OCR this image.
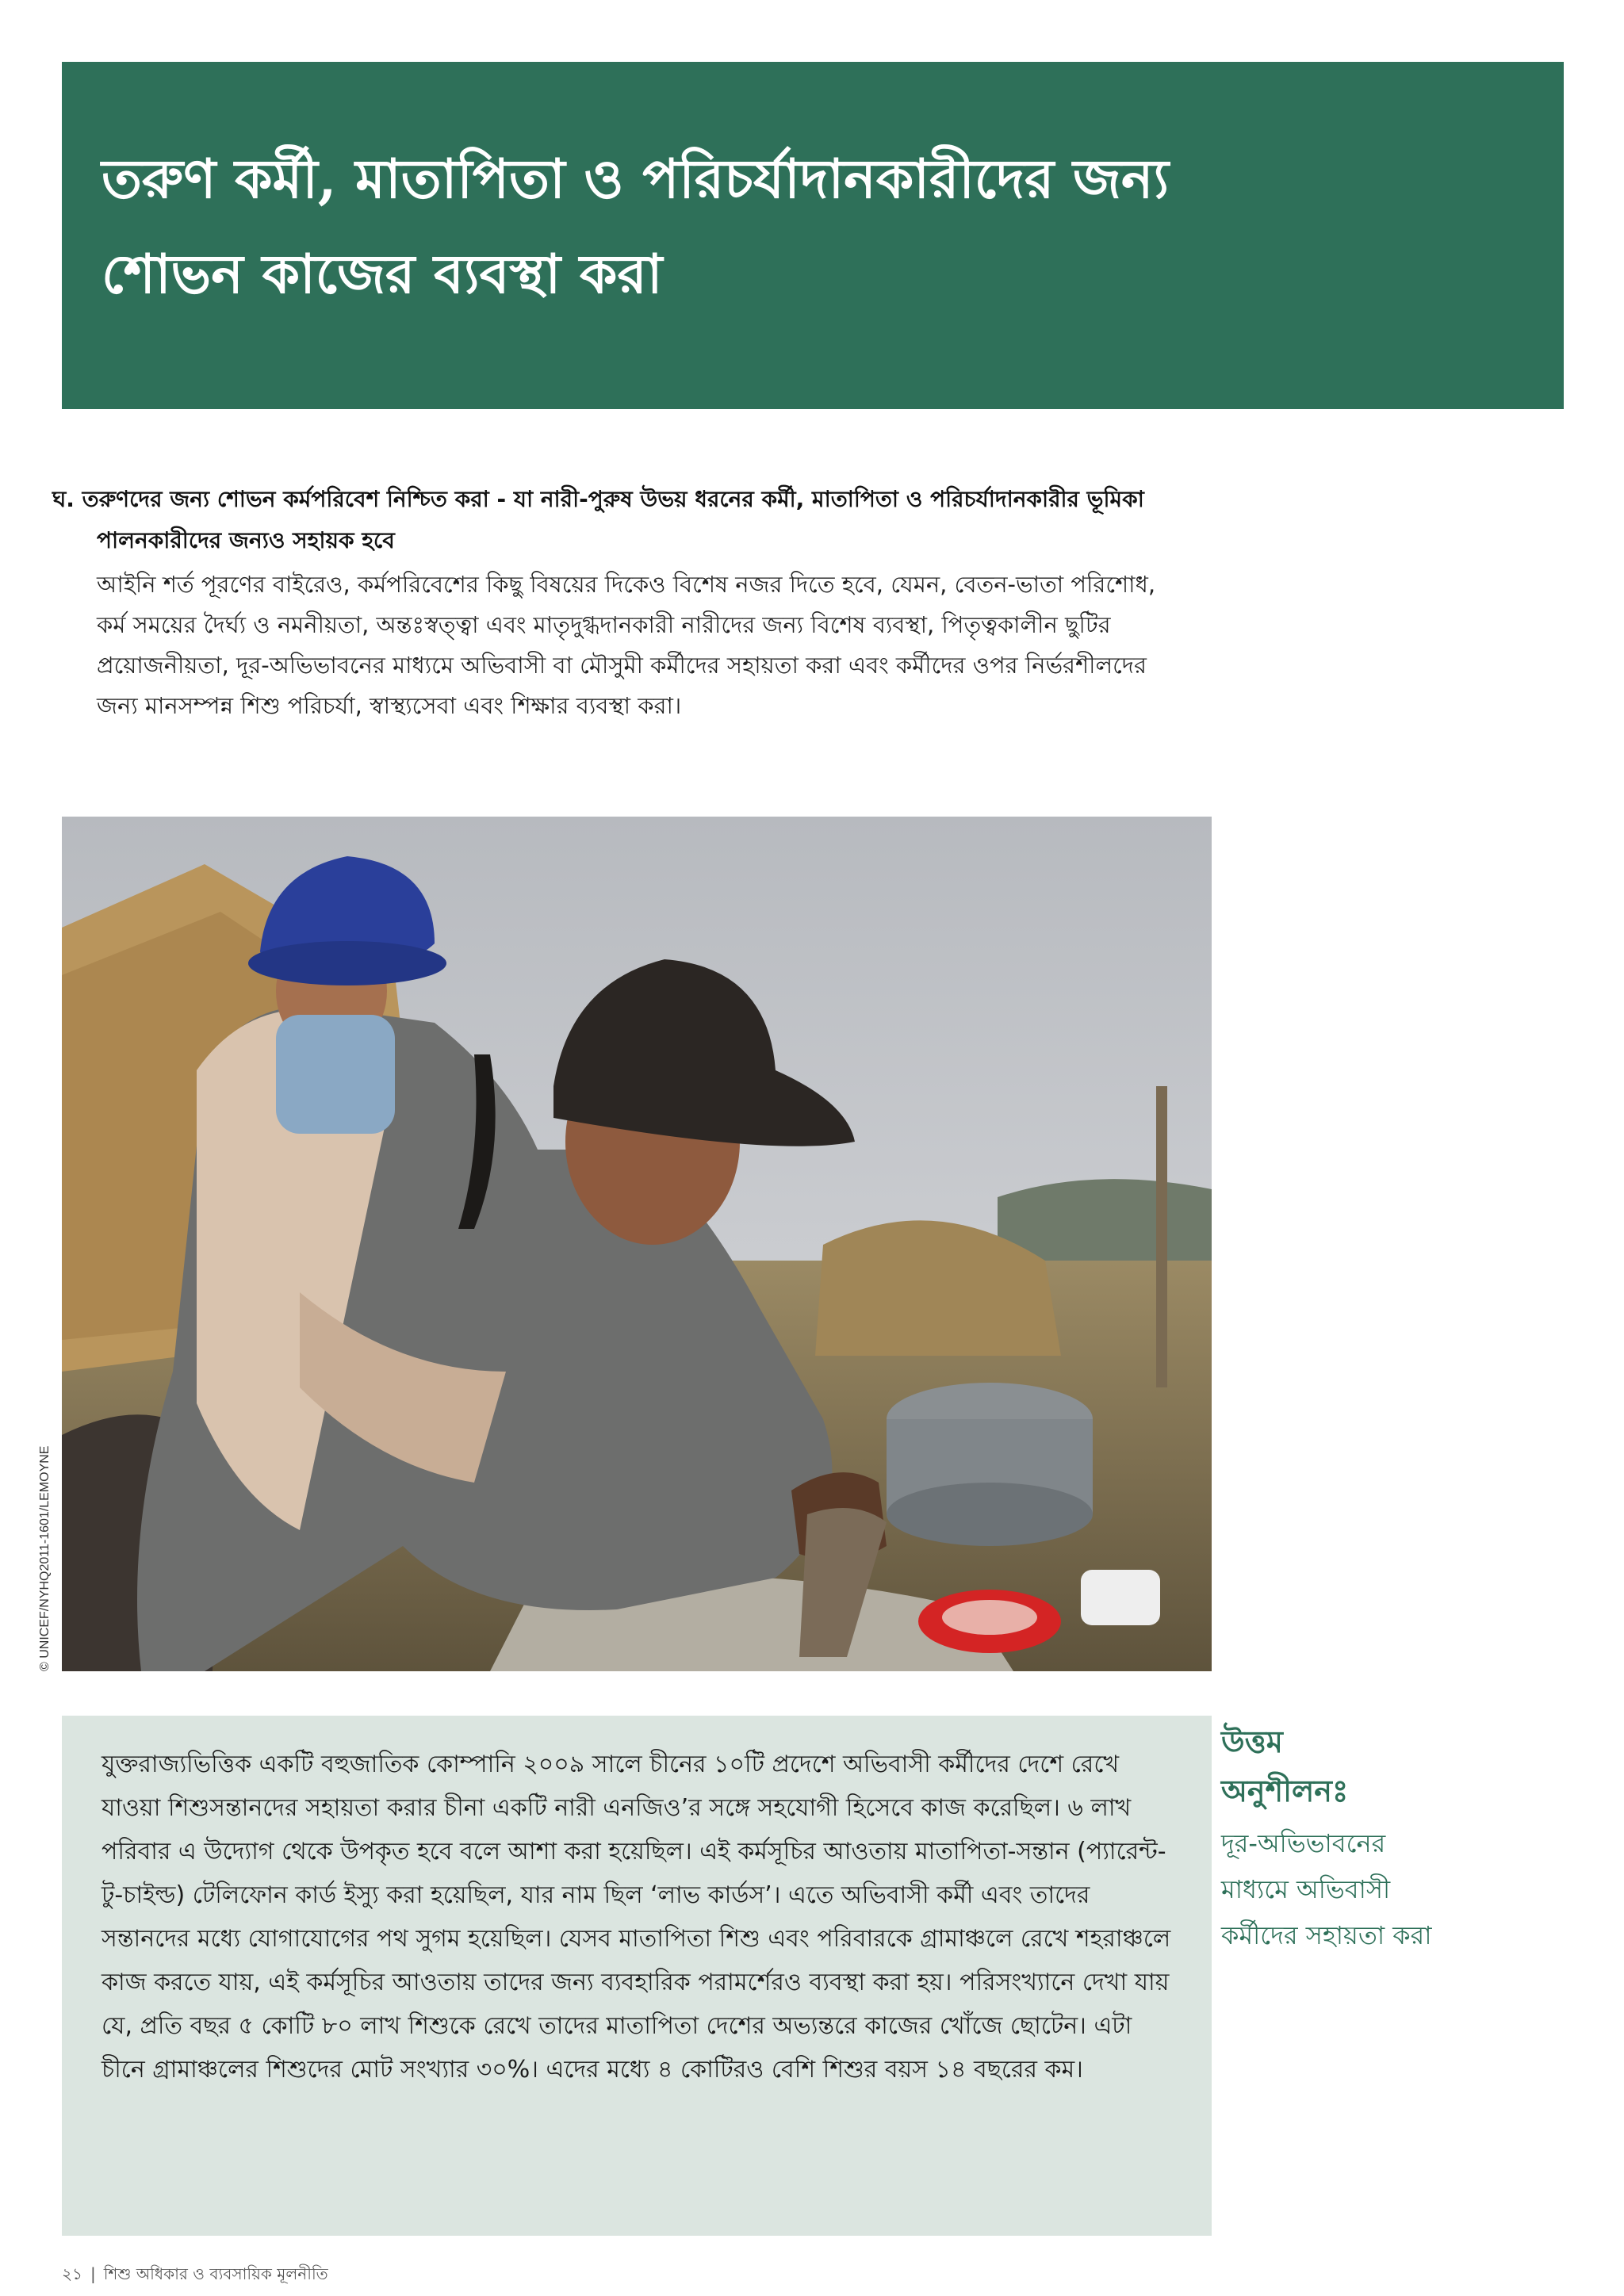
তরুণ কর্মী, মাতাপিতা ও পরিচর্যাদানকারীদের জন্য
শোভন কাজের ব্যবস্থা করা

ঘ. তরুণদের জন্য শোভন কর্মপরিবেশ নিশ্চিত করা - যা নারী-পুরুষ উভয় ধরনের কর্মী, মাতাপিতা ও পরিচর্যাদানকারীর ভূমিকা পালনকারীদের জন্যও সহায়ক হবে

আইনি শর্ত পূরণের বাইরেও, কর্মপরিবেশের কিছু বিষয়ের দিকেও বিশেষ নজর দিতে হবে, যেমন, বেতন-ভাতা পরিশোধ, কর্ম সময়ের দৈর্ঘ্য ও নমনীয়তা, অন্তঃস্বত্ত্বা এবং মাতৃদুগ্ধদানকারী নারীদের জন্য বিশেষ ব্যবস্থা, পিতৃত্বকালীন ছুটির প্রয়োজনীয়তা, দূর-অভিভাবনের মাধ্যমে অভিবাসী বা মৌসুমী কর্মীদের সহায়তা করা এবং কর্মীদের ওপর নির্ভরশীলদের জন্য মানসম্পন্ন শিশু পরিচর্যা, স্বাস্থ্যসেবা এবং শিক্ষার ব্যবস্থা করা।

© UNICEF/NYHQ2011-1601/LEMOYNE

যুক্তরাজ্যভিত্তিক একটি বহুজাতিক কোম্পানি ২০০৯ সালে চীনের ১০টি প্রদেশে অভিবাসী কর্মীদের দেশে রেখে যাওয়া শিশুসন্তানদের সহায়তা করার চীনা একটি নারী এনজিও’র সঙ্গে সহযোগী হিসেবে কাজ করেছিল। ৬ লাখ পরিবার এ উদ্যোগ থেকে উপকৃত হবে বলে আশা করা হয়েছিল। এই কর্মসূচির আওতায় মাতাপিতা-সন্তান (প্যারেন্ট-টু-চাইল্ড) টেলিফোন কার্ড ইস্যু করা হয়েছিল, যার নাম ছিল ‘লাভ কার্ডস’। এতে অভিবাসী কর্মী এবং তাদের সন্তানদের মধ্যে যোগাযোগের পথ সুগম হয়েছিল। যেসব মাতাপিতা শিশু এবং পরিবারকে গ্রামাঞ্চলে রেখে শহরাঞ্চলে কাজ করতে যায়, এই কর্মসূচির আওতায় তাদের জন্য ব্যবহারিক পরামর্শেরও ব্যবস্থা করা হয়। পরিসংখ্যানে দেখা যায় যে, প্রতি বছর ৫ কোটি ৮০ লাখ শিশুকে রেখে তাদের মাতাপিতা দেশের অভ্যন্তরে কাজের খোঁজে ছোটেন। এটা চীনে গ্রামাঞ্চলের শিশুদের মোট সংখ্যার ৩০%। এদের মধ্যে ৪ কোটিরও বেশি শিশুর বয়স ১৪ বছরের কম।

উত্তম
অনুশীলনঃ
দূর-অভিভাবনের মাধ্যমে অভিবাসী কর্মীদের সহায়তা করা
২১ | শিশু অধিকার ও ব্যবসায়িক মূলনীতি
